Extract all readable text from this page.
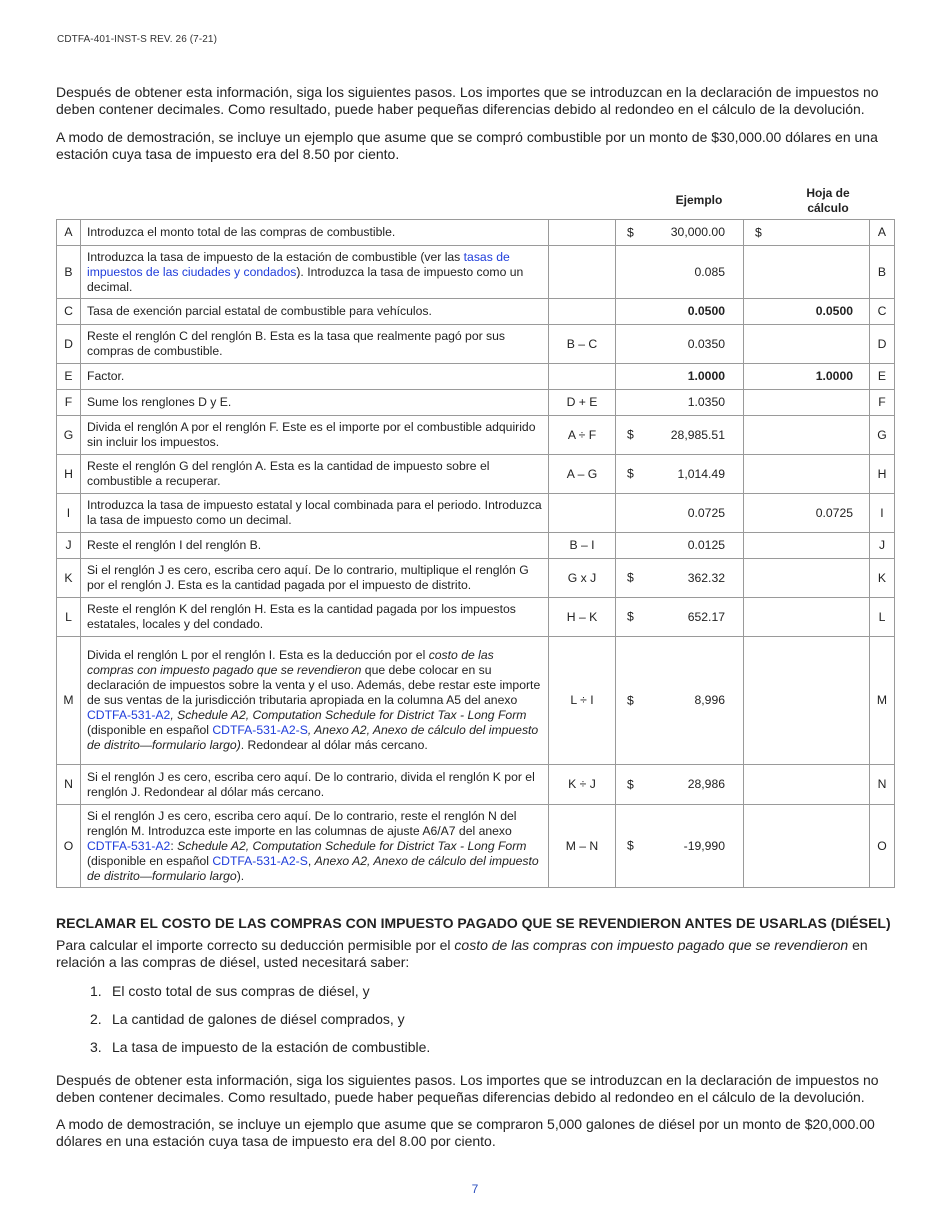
CDTFA-401-INST-S REV. 26 (7-21)

Después de obtener esta información, siga los siguientes pasos. Los importes que se introduzcan en la declaración de impuestos no deben contener decimales. Como resultado, puede haber pequeñas diferencias debido al redondeo en el cálculo de la devolución.

A modo de demostración, se incluye un ejemplo que asume que se compró combustible por un monto de $30,000.00 dólares en una estación cuya tasa de impuesto era del 8.50 por ciento.

Ejemplo	Hoja de
cálculo
A	Introduzca el monto total de las compras de combustible.		$ 30,000.00	$	A
B	Introduzca la tasa de impuesto de la estación de combustible (ver las tasas de impuestos de las ciudades y condados). Introduzca la tasa de impuesto como un decimal.		0.085		B
C	Tasa de exención parcial estatal de combustible para vehículos.		0.0500	0.0500	C
D	Reste el renglón C del renglón B. Esta es la tasa que realmente pagó por sus compras de combustible.	B – C	0.0350		D
E	Factor.		1.0000	1.0000	E
F	Sume los renglones D y E.	D + E	1.0350		F
G	Divida el renglón A por el renglón F. Este es el importe por el combustible adquirido sin incluir los impuestos.	A ÷ F	$ 28,985.51		G
H	Reste el renglón G del renglón A. Esta es la cantidad de impuesto sobre el combustible a recuperar.	A – G	$ 1,014.49		H
I	Introduzca la tasa de impuesto estatal y local combinada para el periodo. Introduzca la tasa de impuesto como un decimal.		0.0725	0.0725	I
J	Reste el renglón I del renglón B.	B – I	0.0125		J
K	Si el renglón J es cero, escriba cero aquí. De lo contrario, multiplique el renglón G por el renglón J. Esta es la cantidad pagada por el impuesto de distrito.	G x J	$ 362.32		K
L	Reste el renglón K del renglón H. Esta es la cantidad pagada por los impuestos estatales, locales y del condado.	H – K	$ 652.17		L
M	Divida el renglón L por el renglón I. Esta es la deducción por el costo de las compras con impuesto pagado que se revendieron que debe colocar en su declaración de impuestos sobre la venta y el uso. Además, debe restar este importe de sus ventas de la jurisdicción tributaria apropiada en la columna A5 del anexo CDTFA-531-A2, Schedule A2, Computation Schedule for District Tax - Long Form (disponible en español CDTFA-531-A2-S, Anexo A2, Anexo de cálculo del impuesto de distrito—formulario largo). Redondear al dólar más cercano.	L ÷ I	$ 8,996		M
N	Si el renglón J es cero, escriba cero aquí. De lo contrario, divida el renglón K por el renglón J. Redondear al dólar más cercano.	K ÷ J	$ 28,986		N
O	Si el renglón J es cero, escriba cero aquí. De lo contrario, reste el renglón N del renglón M. Introduzca este importe en las columnas de ajuste A6/A7 del anexo CDTFA-531-A2: Schedule A2, Computation Schedule for District Tax - Long Form (disponible en español CDTFA-531-A2-S, Anexo A2, Anexo de cálculo del impuesto de distrito—formulario largo).	M – N	$ -19,990		O
RECLAMAR EL COSTO DE LAS COMPRAS CON IMPUESTO PAGADO QUE SE REVENDIERON ANTES DE USARLAS (DIÉSEL)

Para calcular el importe correcto su deducción permisible por el costo de las compras con impuesto pagado que se revendieron en relación a las compras de diésel, usted necesitará saber:

1. El costo total de sus compras de diésel, y
2. La cantidad de galones de diésel comprados, y
3. La tasa de impuesto de la estación de combustible.

Después de obtener esta información, siga los siguientes pasos. Los importes que se introduzcan en la declaración de impuestos no deben contener decimales. Como resultado, puede haber pequeñas diferencias debido al redondeo en el cálculo de la devolución.

A modo de demostración, se incluye un ejemplo que asume que se compraron 5,000 galones de diésel por un monto de $20,000.00 dólares en una estación cuya tasa de impuesto era del 8.00 por ciento.

7
